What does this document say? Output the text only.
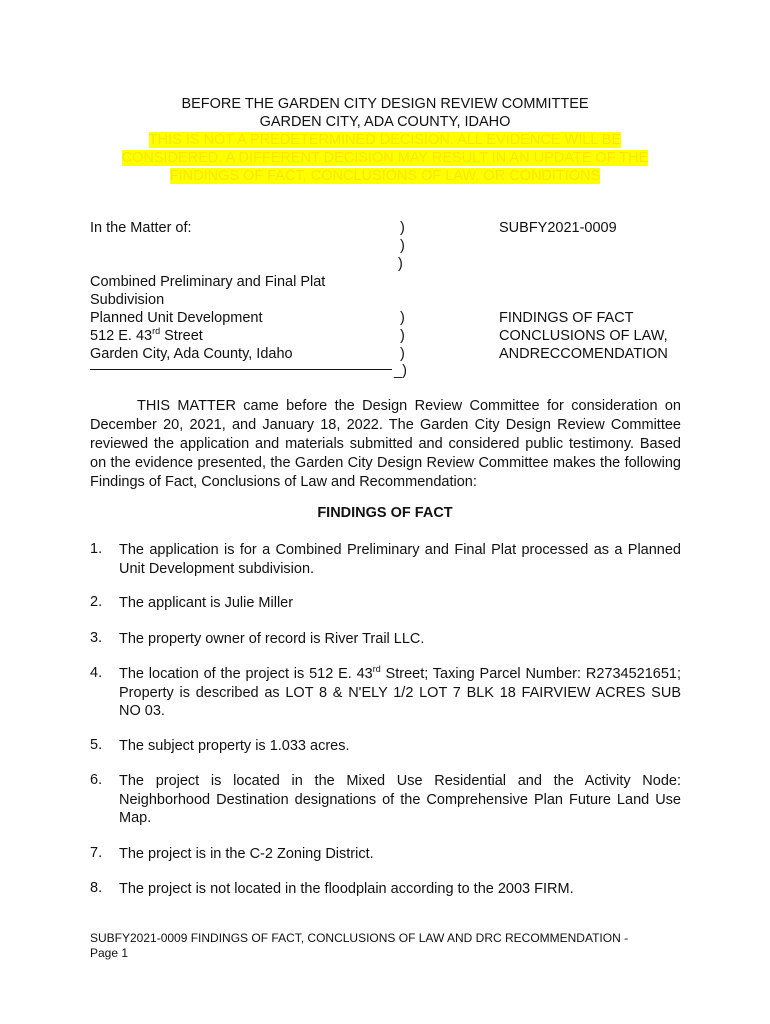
BEFORE THE GARDEN CITY DESIGN REVIEW COMMITTEE
GARDEN CITY, ADA COUNTY, IDAHO
THIS IS NOT A PREDETERMINED DECISION. ALL EVIDENCE WILL BE
CONSIDERED. A DIFFERENT DECISION MAY RESULT IN AN UPDATE OF THE
FINDINGS OF FACT, CONCLUSIONS OF LAW, OR CONDITIONS
In the Matter of:	)
)
)
SUBFY2021-0009
Combined Preliminary and Final Plat
Subdivision
Planned Unit Development
512 E. 43rd Street
Garden City, Ada County, Idaho
)
)
)
_)
FINDINGS OF FACT
CONCLUSIONS OF LAW,
ANDRECCOMENDATION
THIS MATTER came before the Design Review Committee for consideration on December 20, 2021, and January 18, 2022. The Garden City Design Review Committee reviewed the application and materials submitted and considered public testimony. Based on the evidence presented, the Garden City Design Review Committee makes the following Findings of Fact, Conclusions of Law and Recommendation:
FINDINGS OF FACT
1. The application is for a Combined Preliminary and Final Plat processed as a Planned Unit Development subdivision.
2. The applicant is Julie Miller
3. The property owner of record is River Trail LLC.
4. The location of the project is 512 E. 43rd Street; Taxing Parcel Number: R2734521651; Property is described as LOT 8 & N'ELY 1/2 LOT 7 BLK 18 FAIRVIEW ACRES SUB NO 03.
5. The subject property is 1.033 acres.
6. The project is located in the Mixed Use Residential and the Activity Node: Neighborhood Destination designations of the Comprehensive Plan Future Land Use Map.
7. The project is in the C-2 Zoning District.
8. The project is not located in the floodplain according to the 2003 FIRM.
SUBFY2021-0009 FINDINGS OF FACT, CONCLUSIONS OF LAW AND DRC RECOMMENDATION -
Page 1
